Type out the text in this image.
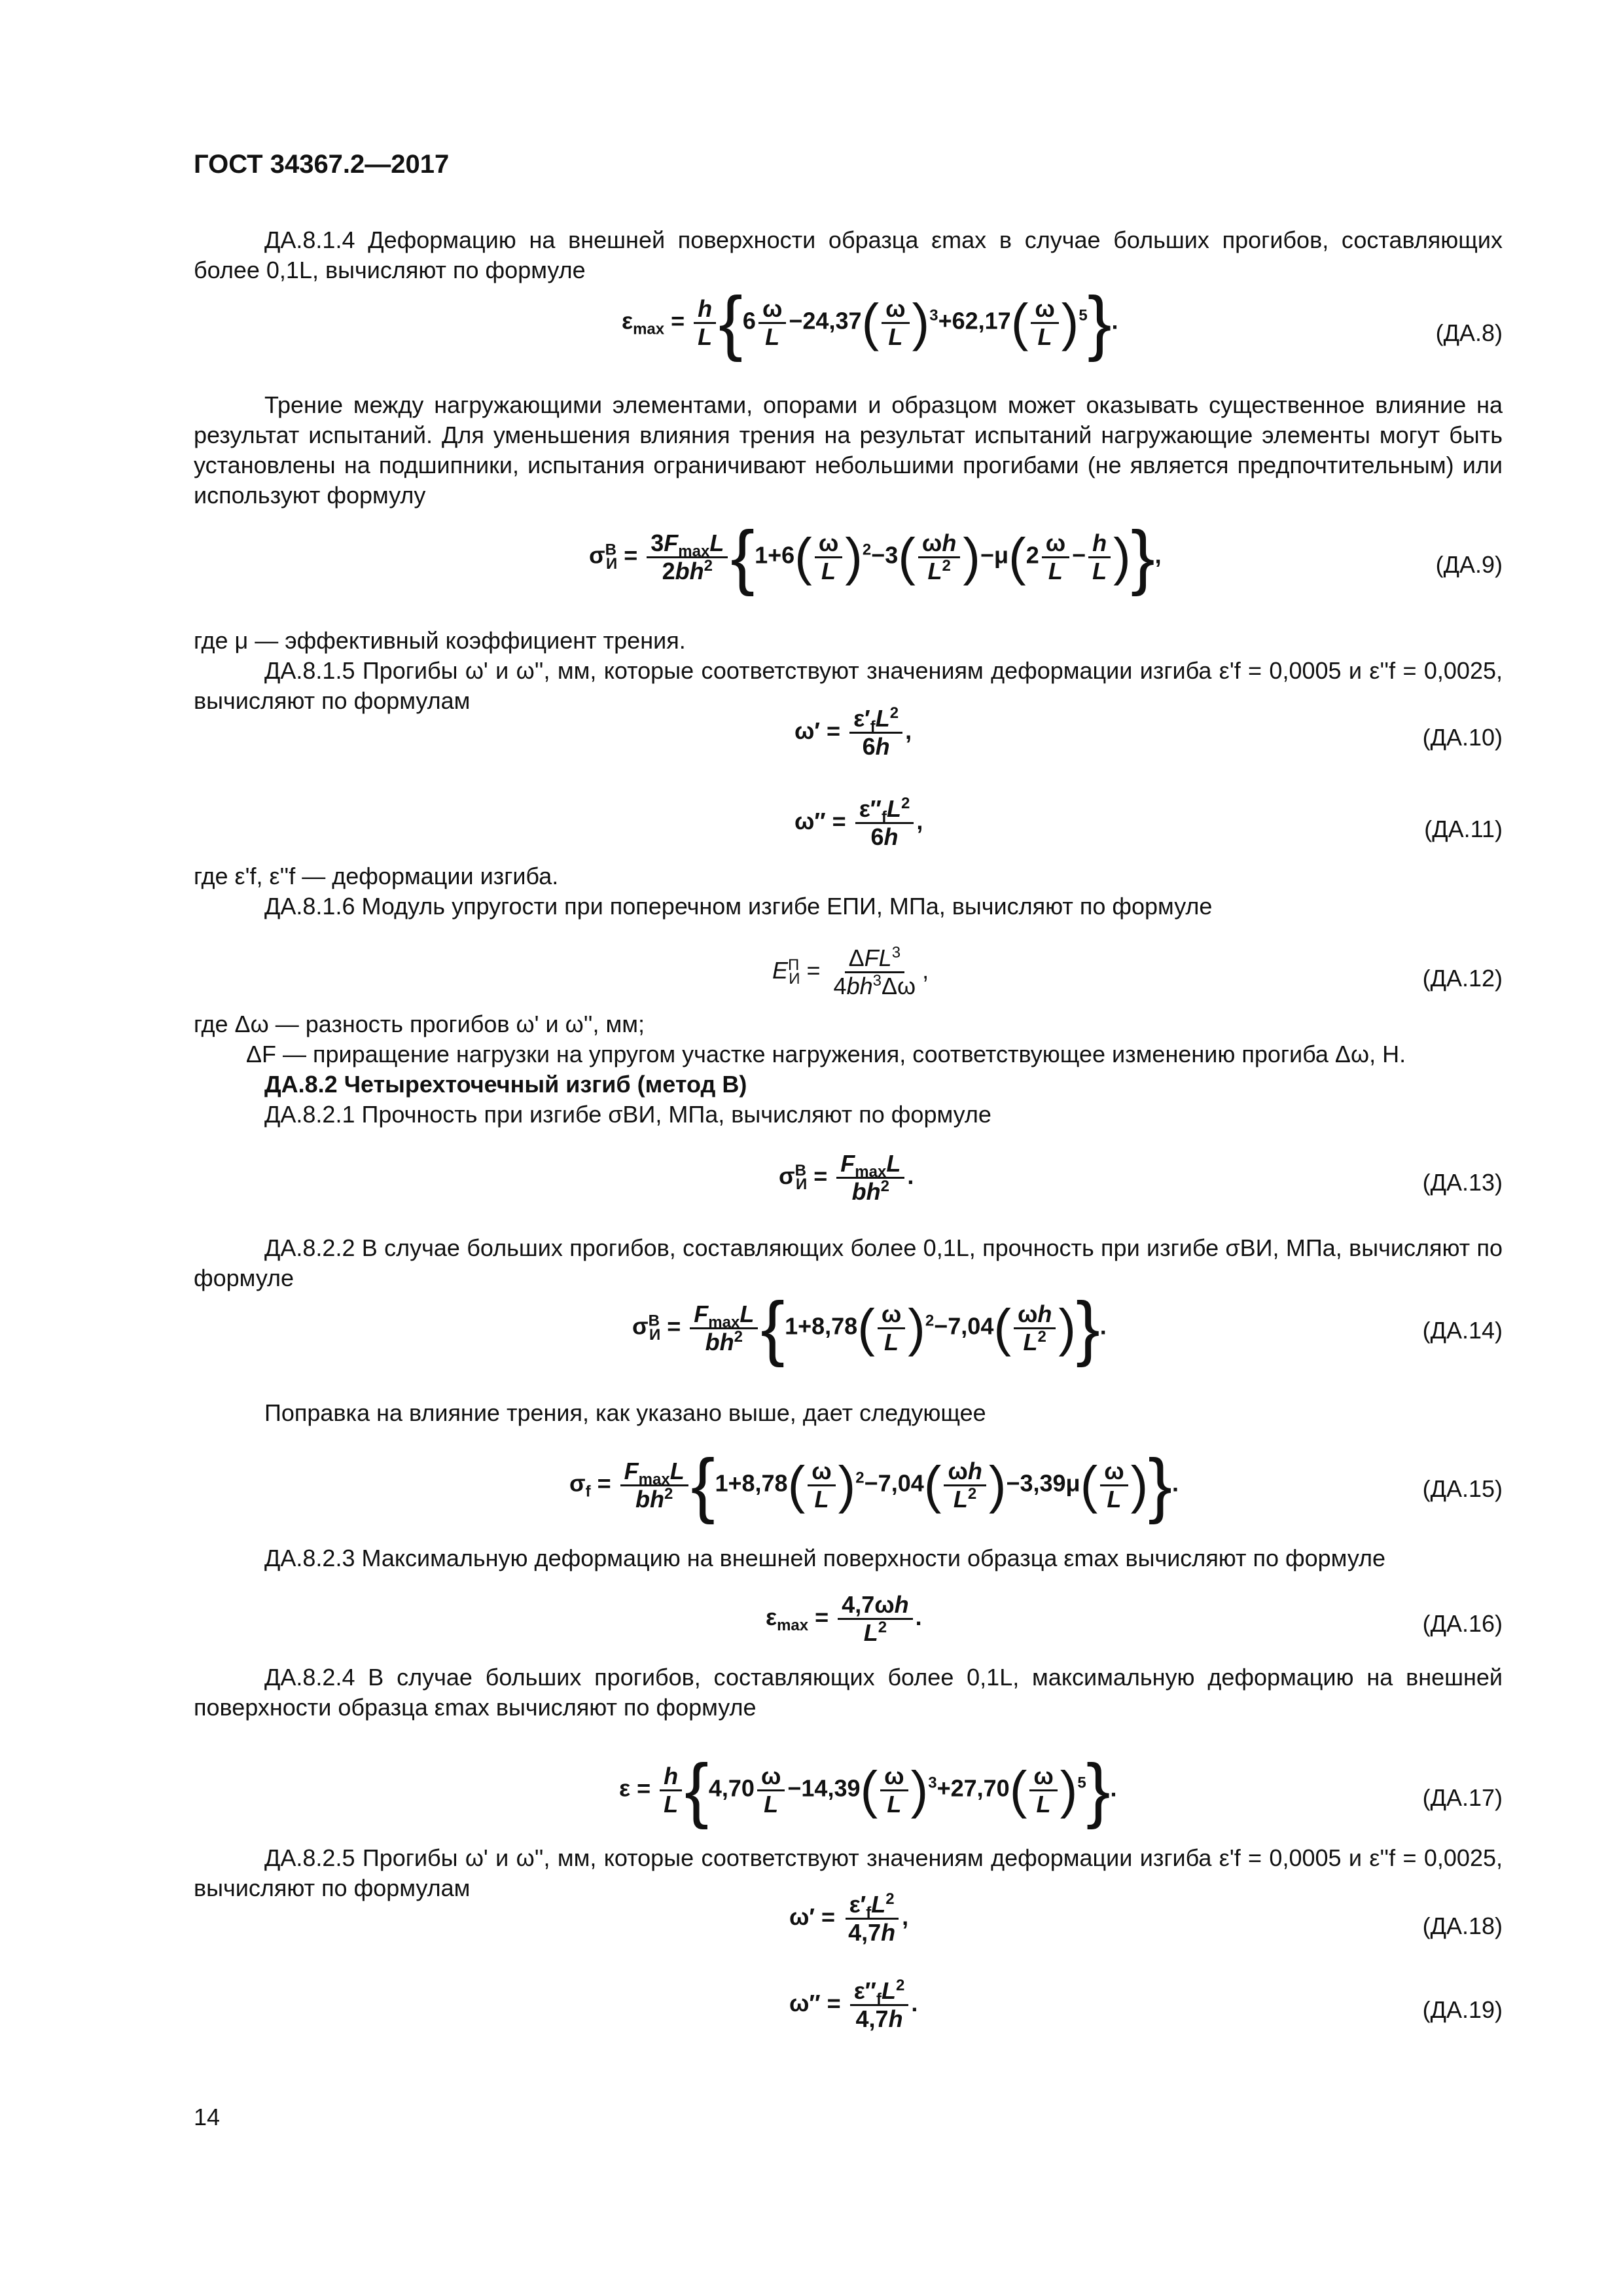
ГОСТ 34367.2—2017
ДА.8.1.4 Деформацию на внешней поверхности образца εmax в случае больших прогибов, составляющих более 0,1L, вычисляют по формуле
$\varepsilon_{max} = \frac{h}{L} \{6 \frac{\omega}{L} -24,37( \frac{\omega}{L} )^3+62,17( \frac{\omega}{L} )^5\}$.	(ДА.8)
Трение между нагружающими элементами, опорами и образцом может оказывать существенное влияние на результат испытаний. Для уменьшения влияния трения на результат испытаний нагружающие элементы могут быть установлены на подшипники, испытания ограничивают небольшими прогибами (не является предпочтительным) или используют формулу
$\sigma^В_И = \frac{3F_{max}L}{2bh^2} \{1+6( \frac{\omega}{L} )^2-3( \frac{\omega h}{L^2} )-\mu(2 \frac{\omega}{L} - \frac{h}{L}$ )},	(ДА.9)
где μ — эффективный коэффициент трения.
ДА.8.1.5 Прогибы ω' и ω'', мм, которые соответствуют значениям деформации изгиба ε'f = 0,0005 и ε''f = 0,0025, вычисляют по формулам
$\omega' = \frac{\varepsilon'_fL^2}{6h}$ ,	(ДА.10)
$\omega'' = \frac{\varepsilon''_fL^2}{6h}$ ,	(ДА.11)
где ε'f, ε''f — деформации изгиба.
ДА.8.1.6 Модуль упругости при поперечном изгибе EПИ, МПа, вычисляют по формуле
$E^П_И = \frac{\Delta FL^3}{4bh^3\Delta\omega}$ ,	(ДА.12)
где Δω — разность прогибов ω' и ω'', мм;
ΔF — приращение нагрузки на упругом участке нагружения, соответствующее изменению прогиба Δω, Н.
ДА.8.2 Четырехточечный изгиб (метод В)
ДА.8.2.1 Прочность при изгибе σВИ, МПа, вычисляют по формуле
$\sigma^В_И = \frac{F_{max}L}{bh^2}$ .	(ДА.13)
ДА.8.2.2 В случае больших прогибов, составляющих более 0,1L, прочность при изгибе σВИ, МПа, вычисляют по формуле
$\sigma^В_И = \frac{F_{max}L}{bh^2} \{1+8,78( \frac{\omega}{L} )^2-7,04( \frac{\omega h}{L^2}$ )}.	(ДА.14)
Поправка на влияние трения, как указано выше, дает следующее
$\sigma_f = \frac{F_{max}L}{bh^2} \{1+8,78( \frac{\omega}{L} )^2-7,04( \frac{\omega h}{L^2} )-3,39\mu( \frac{\omega}{L}$ )}.	(ДА.15)
ДА.8.2.3 Максимальную деформацию на внешней поверхности образца εmax вычисляют по формуле
$\varepsilon_{max} = \frac{4,7\omega h}{L^2}$ .	(ДА.16)
ДА.8.2.4 В случае больших прогибов, составляющих более 0,1L, максимальную деформацию на внешней поверхности образца εmax вычисляют по формуле
$\varepsilon = \frac{h}{L} \{4,70 \frac{\omega}{L} -14,39( \frac{\omega}{L} )^3+27,70( \frac{\omega}{L} )^5\}$.	(ДА.17)
ДА.8.2.5 Прогибы ω' и ω'', мм, которые соответствуют значениям деформации изгиба ε'f = 0,0005 и ε''f = 0,0025, вычисляют по формулам
$\omega' = \frac{\varepsilon'_fL^2}{4,7h}$ ,	(ДА.18)
$\omega'' = \frac{\varepsilon''_fL^2}{4,7h}$ .	(ДА.19)
14
